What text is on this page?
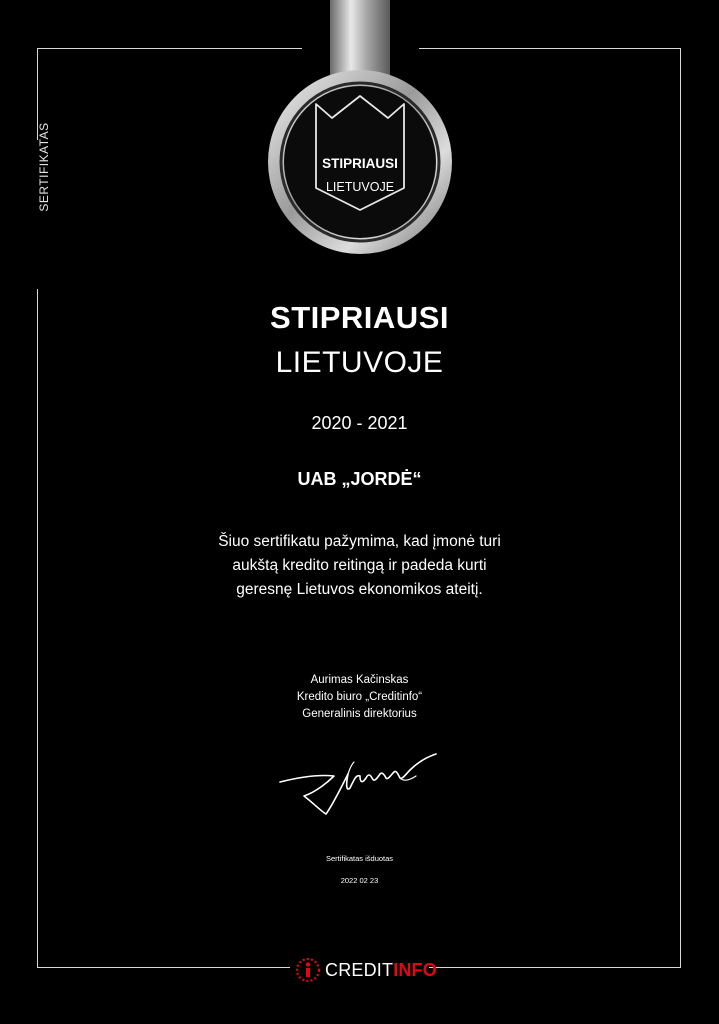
SERTIFIKATAS	STIPRIAUSI
LIETUVOJE
STIPRIAUSI
LIETUVOJE
2020 - 2021
UAB „JORDĖ“
Šiuo sertifikatu pažymima, kad įmonė turi
aukštą kredito reitingą ir padeda kurti
geresnę Lietuvos ekonomikos ateitį.
Aurimas Kačinskas
Kredito biuro „Creditinfo“
Generalinis direktorius
Sertifikatas išduotas
2022 02 23
CREDITINFO
